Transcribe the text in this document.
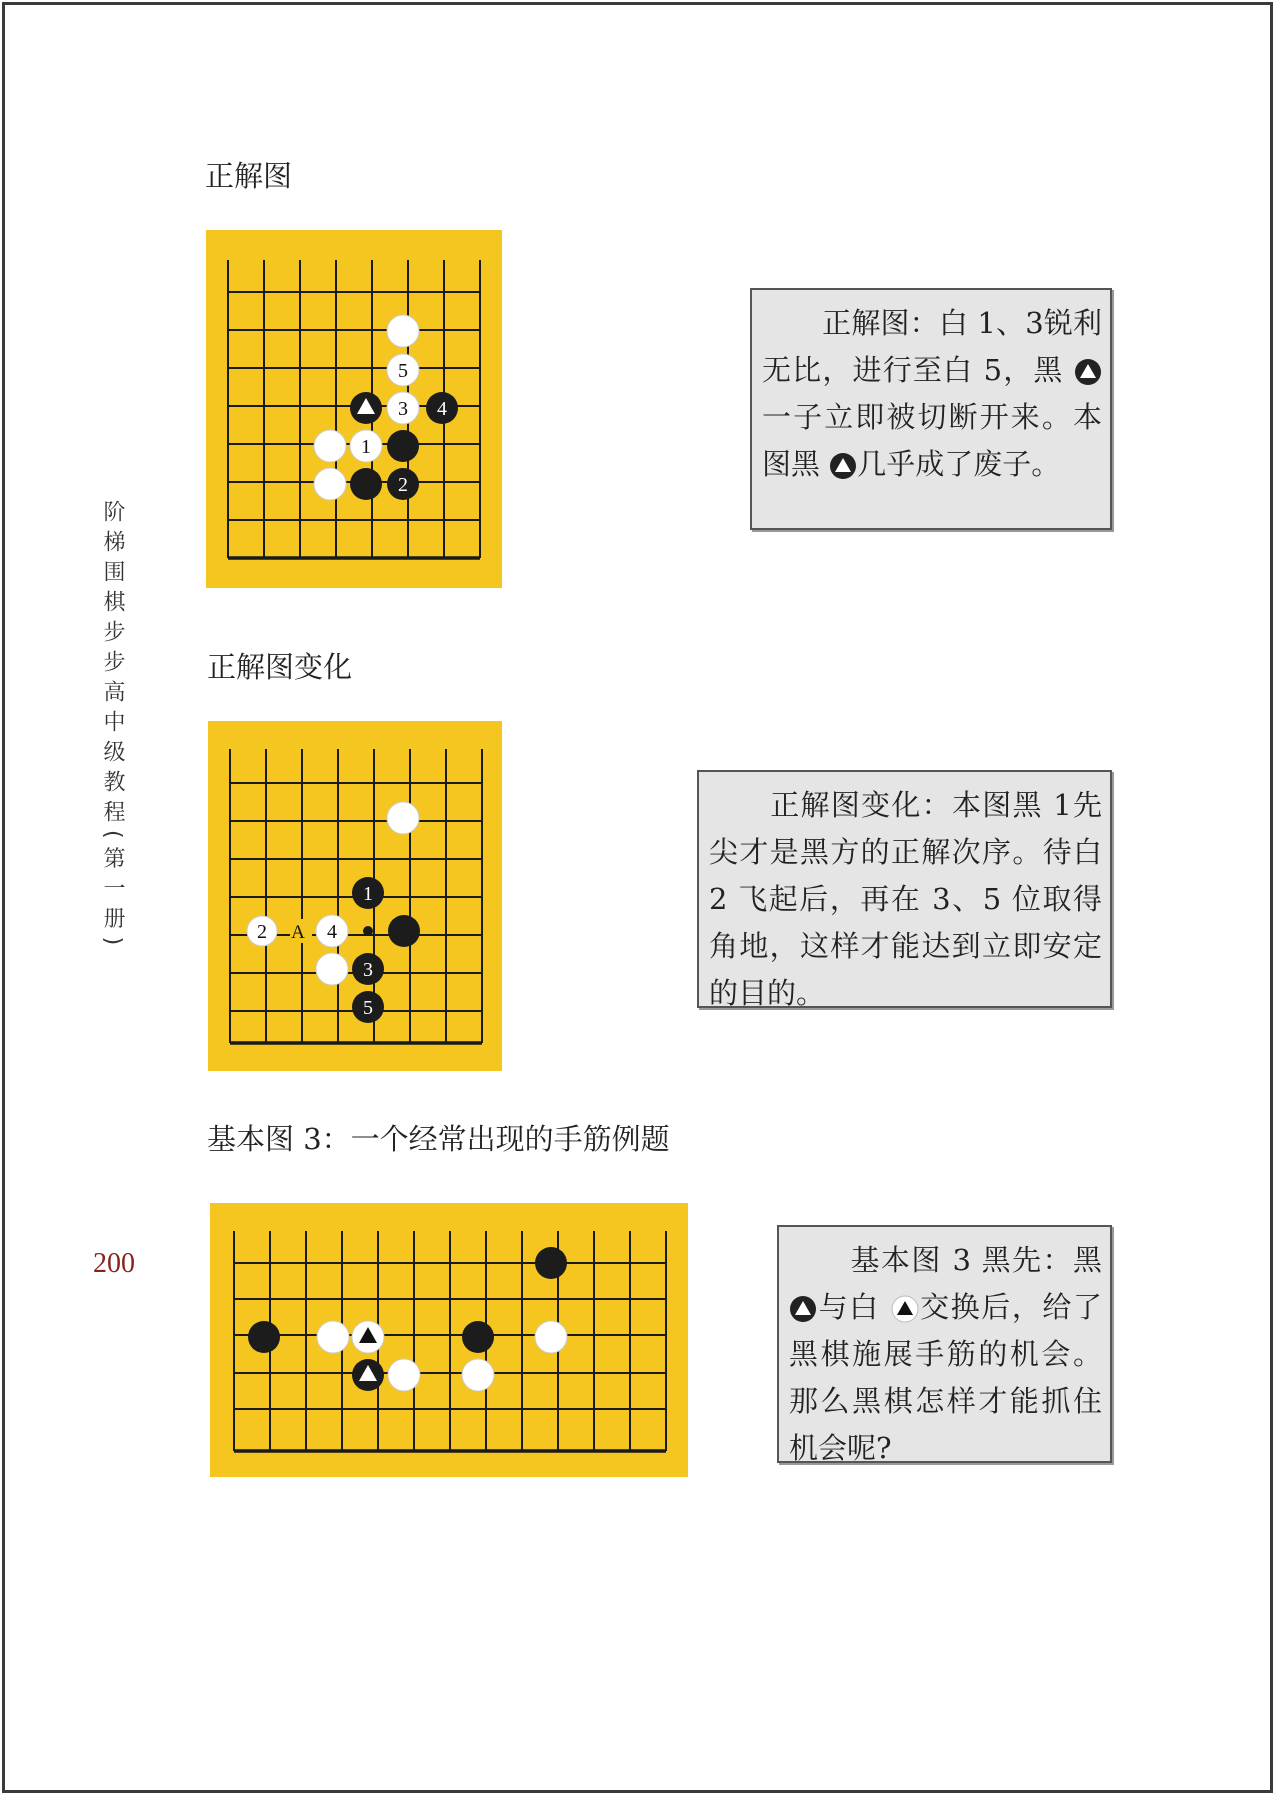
阶梯围棋步步高中级教程(第一册)
200
正解图
5
3 4
1
2
正解图：白 1、3锐利无比，进行至白 5，黑 一子立即被切断开来。本图黑 几乎成了废子。
正解图变化
1
2 A 4
3
5
正解图变化：本图黑 1先尖才是黑方的正解次序。待白 2 飞起后，再在 3、5 位取得角地，这样才能达到立即安定的目的。
基本图 3：一个经常出现的手筋例题
基本图 3 黑先：黑 与白 交换后，给了黑棋施展手筋的机会。那么黑棋怎样才能抓住机会呢?
